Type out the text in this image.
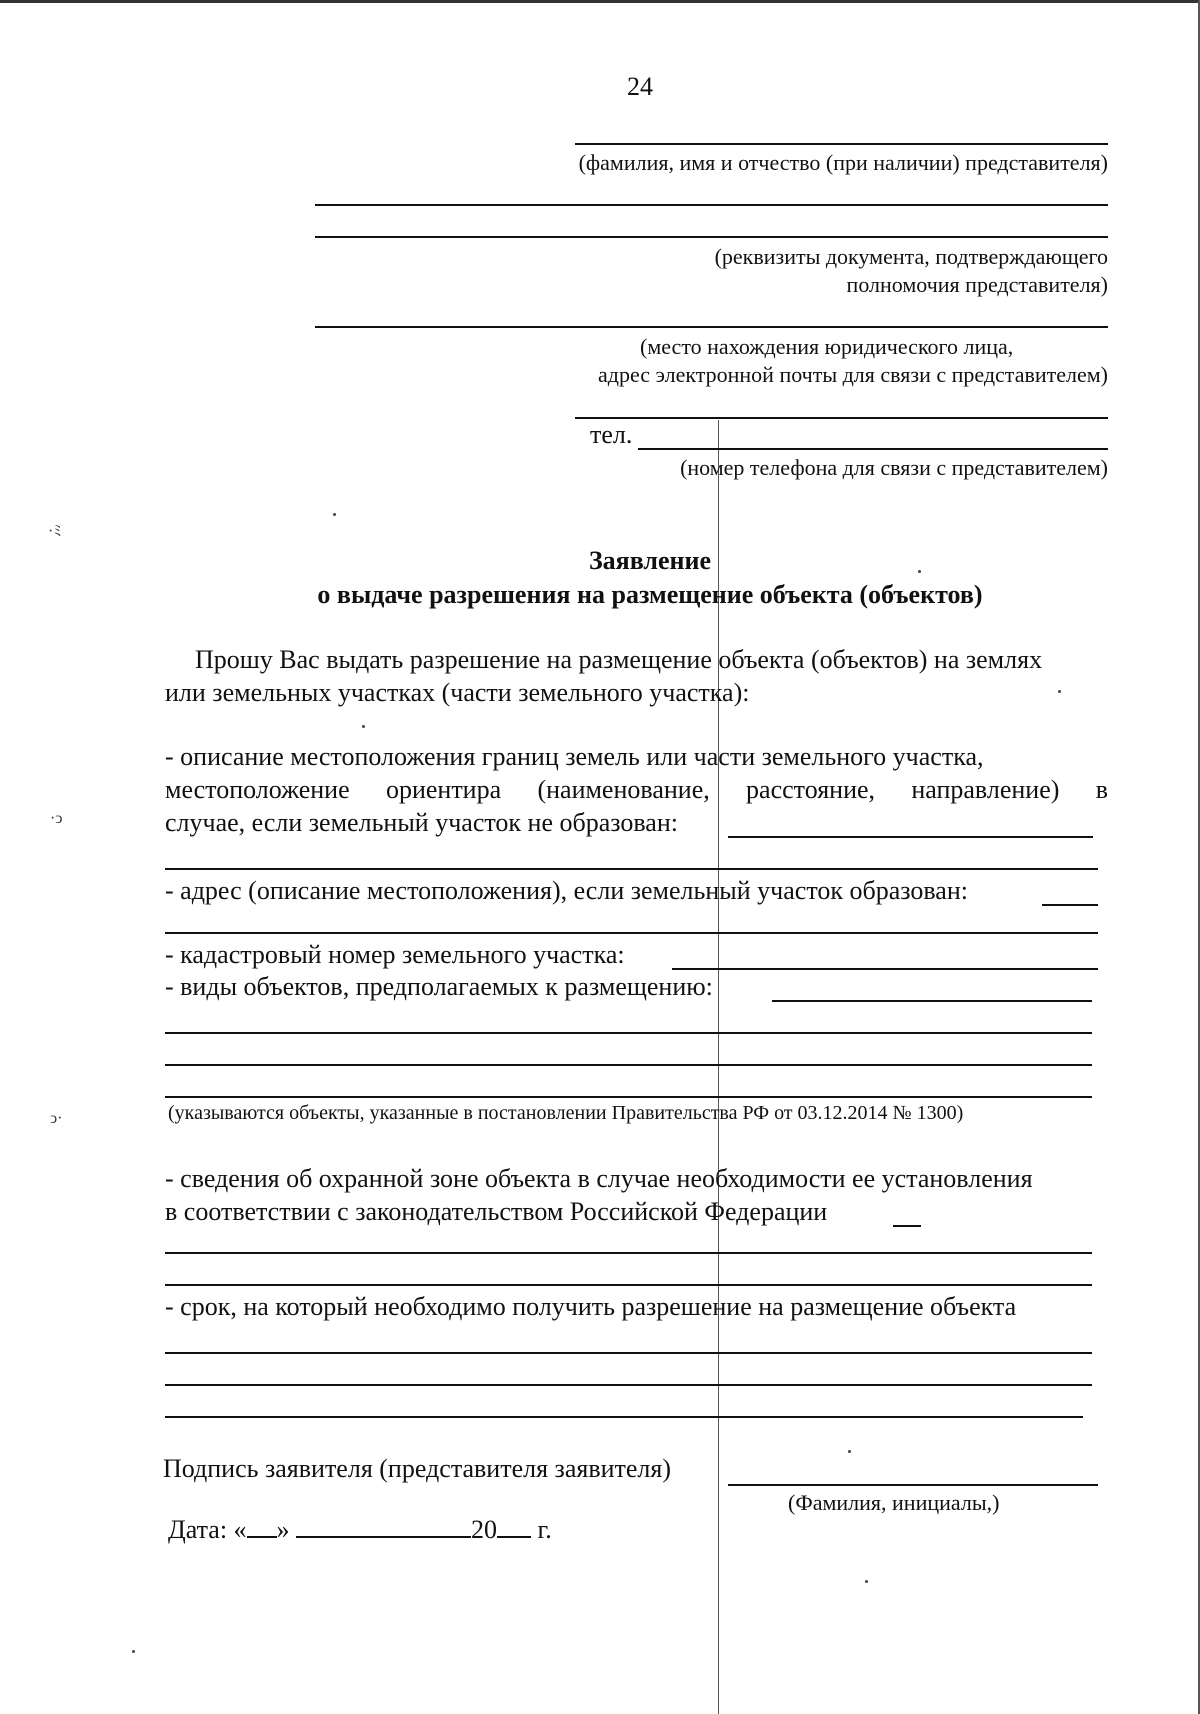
·ﾐ
·ↄ
ↄ·
24
(фамилия, имя и отчество (при наличии) представителя)
(реквизиты документа, подтверждающего
полномочия представителя)
(место нахождения юридического лица,
адрес электронной почты для связи с представителем)
тел.
(номер телефона для связи с представителем)
Заявление
о выдаче разрешения на размещение объекта (объектов)
Прошу Вас выдать разрешение на размещение объекта (объектов) на землях
или земельных участках (части земельного участка):
- описание местоположения границ земель или части земельного участка,
местоположение ориентира (наименование, расстояние, направление) в
случае, если земельный участок не образован:
- адрес (описание местоположения), если земельный участок образован:
- кадастровый номер земельного участка:
- виды объектов, предполагаемых к размещению:
(указываются объекты, указанные в постановлении Правительства РФ от 03.12.2014 № 1300)
- сведения об охранной зоне объекта в случае необходимости ее установления
в соответствии с законодательством Российской Федерации
- срок, на который необходимо получить разрешение на размещение объекта
Подпись заявителя (представителя заявителя)
(Фамилия, инициалы,)
Дата: « »	20 г.
